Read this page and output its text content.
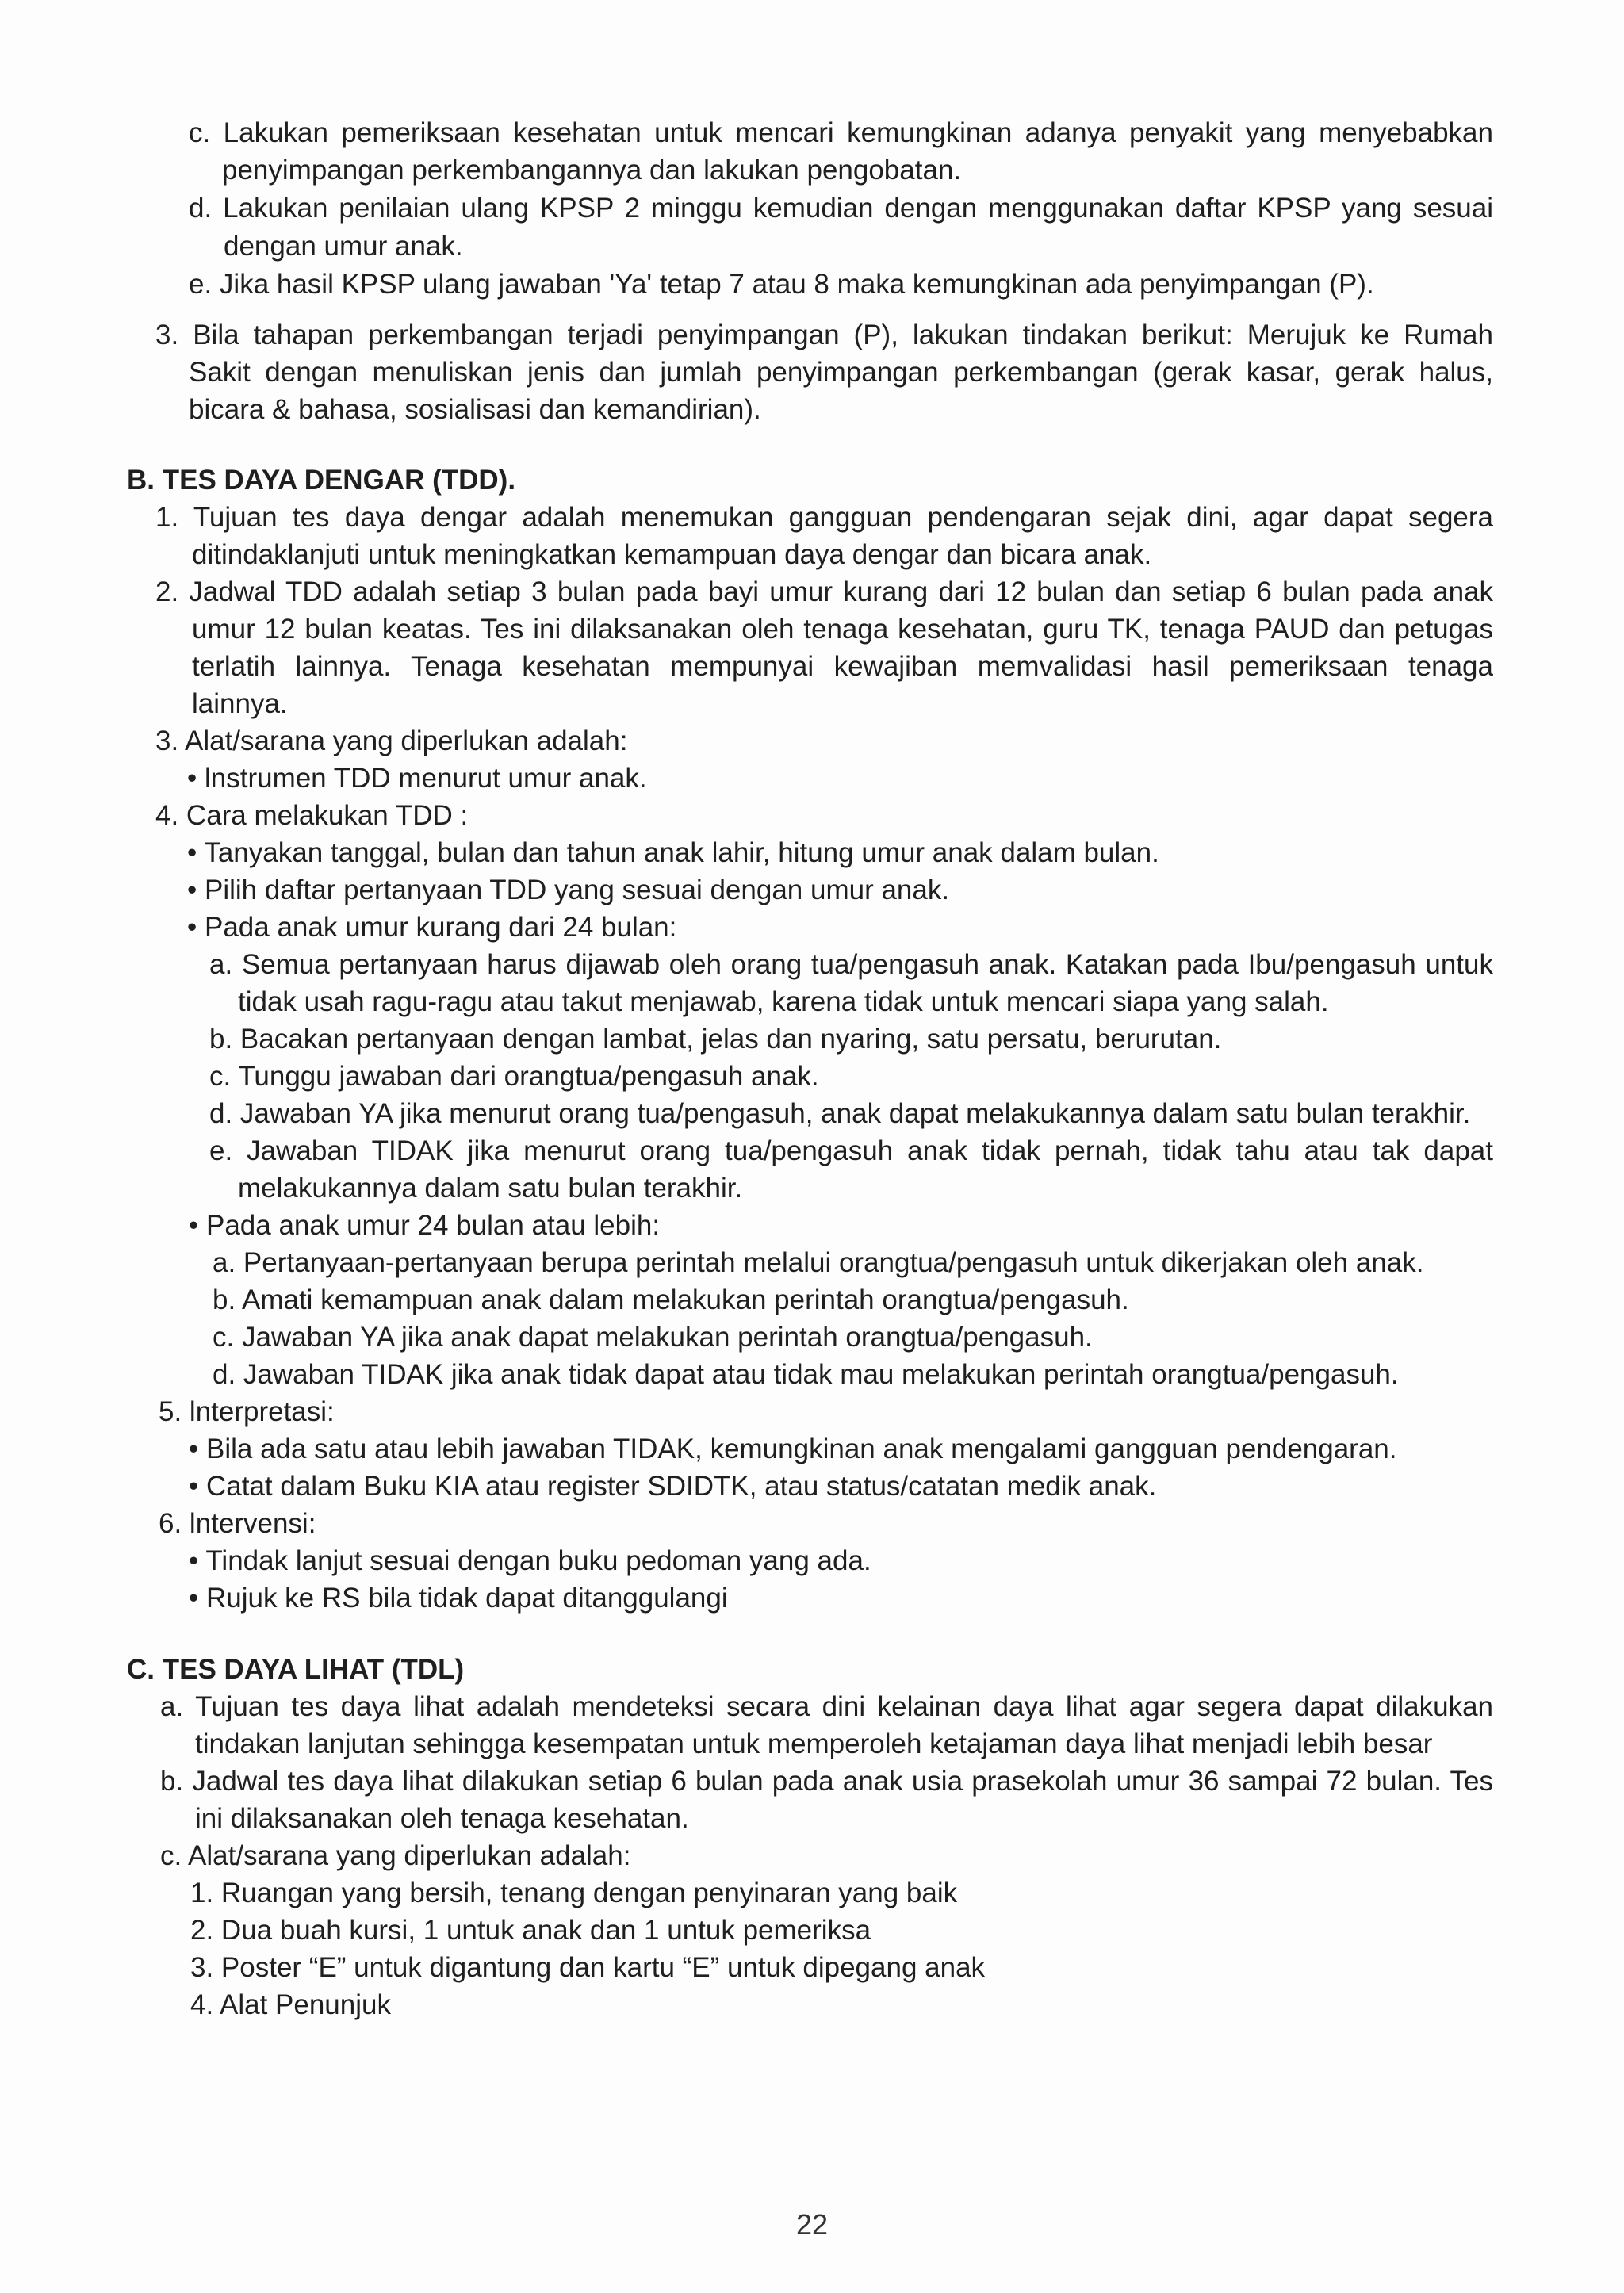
c. Lakukan pemeriksaan kesehatan untuk mencari kemungkinan adanya penyakit yang menyebabkan
penyimpangan perkembangannya dan lakukan pengobatan.
d. Lakukan penilaian ulang KPSP 2 minggu kemudian dengan menggunakan daftar KPSP yang sesuai
dengan umur anak.
e. Jika hasil KPSP ulang jawaban 'Ya' tetap 7 atau 8 maka kemungkinan ada penyimpangan (P).
3. Bila tahapan perkembangan terjadi penyimpangan (P), lakukan tindakan berikut: Merujuk ke Rumah
Sakit dengan menuliskan jenis dan jumlah penyimpangan perkembangan (gerak kasar, gerak halus,
bicara & bahasa, sosialisasi dan kemandirian).
B. TES DAYA DENGAR (TDD).
1. Tujuan tes daya dengar adalah menemukan gangguan pendengaran sejak dini, agar dapat segera
ditindaklanjuti untuk meningkatkan kemampuan daya dengar dan bicara anak.
2. Jadwal TDD adalah setiap 3 bulan pada bayi umur kurang dari 12 bulan dan setiap 6 bulan pada anak
umur 12 bulan keatas. Tes ini dilaksanakan oleh tenaga kesehatan, guru TK, tenaga PAUD dan petugas
terlatih lainnya. Tenaga kesehatan mempunyai kewajiban memvalidasi hasil pemeriksaan tenaga
lainnya.
3. Alat/sarana yang diperlukan adalah:
• lnstrumen TDD menurut umur anak.
4. Cara melakukan TDD :
• Tanyakan tanggal, bulan dan tahun anak lahir, hitung umur anak dalam bulan.
• Pilih daftar pertanyaan TDD yang sesuai dengan umur anak.
• Pada anak umur kurang dari 24 bulan:
a. Semua pertanyaan harus dijawab oleh orang tua/pengasuh anak. Katakan pada Ibu/pengasuh untuk
tidak usah ragu-ragu atau takut menjawab, karena tidak untuk mencari siapa yang salah.
b. Bacakan pertanyaan dengan lambat, jelas dan nyaring, satu persatu, berurutan.
c. Tunggu jawaban dari orangtua/pengasuh anak.
d. Jawaban YA jika menurut orang tua/pengasuh, anak dapat melakukannya dalam satu bulan terakhir.
e. Jawaban TIDAK jika menurut orang tua/pengasuh anak tidak pernah, tidak tahu atau tak dapat
melakukannya dalam satu bulan terakhir.
• Pada anak umur 24 bulan atau lebih:
a. Pertanyaan-pertanyaan berupa perintah melalui orangtua/pengasuh untuk dikerjakan oleh anak.
b. Amati kemampuan anak dalam melakukan perintah orangtua/pengasuh.
c. Jawaban YA jika anak dapat melakukan perintah orangtua/pengasuh.
d. Jawaban TIDAK jika anak tidak dapat atau tidak mau melakukan perintah orangtua/pengasuh.
5. lnterpretasi:
• Bila ada satu atau lebih jawaban TIDAK, kemungkinan anak mengalami gangguan pendengaran.
• Catat dalam Buku KIA atau register SDIDTK, atau status/catatan medik anak.
6. lntervensi:
• Tindak lanjut sesuai dengan buku pedoman yang ada.
• Rujuk ke RS bila tidak dapat ditanggulangi
C. TES DAYA LIHAT (TDL)
a. Tujuan tes daya lihat adalah mendeteksi secara dini kelainan daya lihat agar segera dapat dilakukan
tindakan lanjutan sehingga kesempatan untuk memperoleh ketajaman daya lihat menjadi lebih besar
b. Jadwal tes daya lihat dilakukan setiap 6 bulan pada anak usia prasekolah umur 36 sampai 72 bulan. Tes
ini dilaksanakan oleh tenaga kesehatan.
c. Alat/sarana yang diperlukan adalah:
1. Ruangan yang bersih, tenang dengan penyinaran yang baik
2. Dua buah kursi, 1 untuk anak dan 1 untuk pemeriksa
3. Poster “E” untuk digantung dan kartu “E” untuk dipegang anak
4. Alat Penunjuk
22
